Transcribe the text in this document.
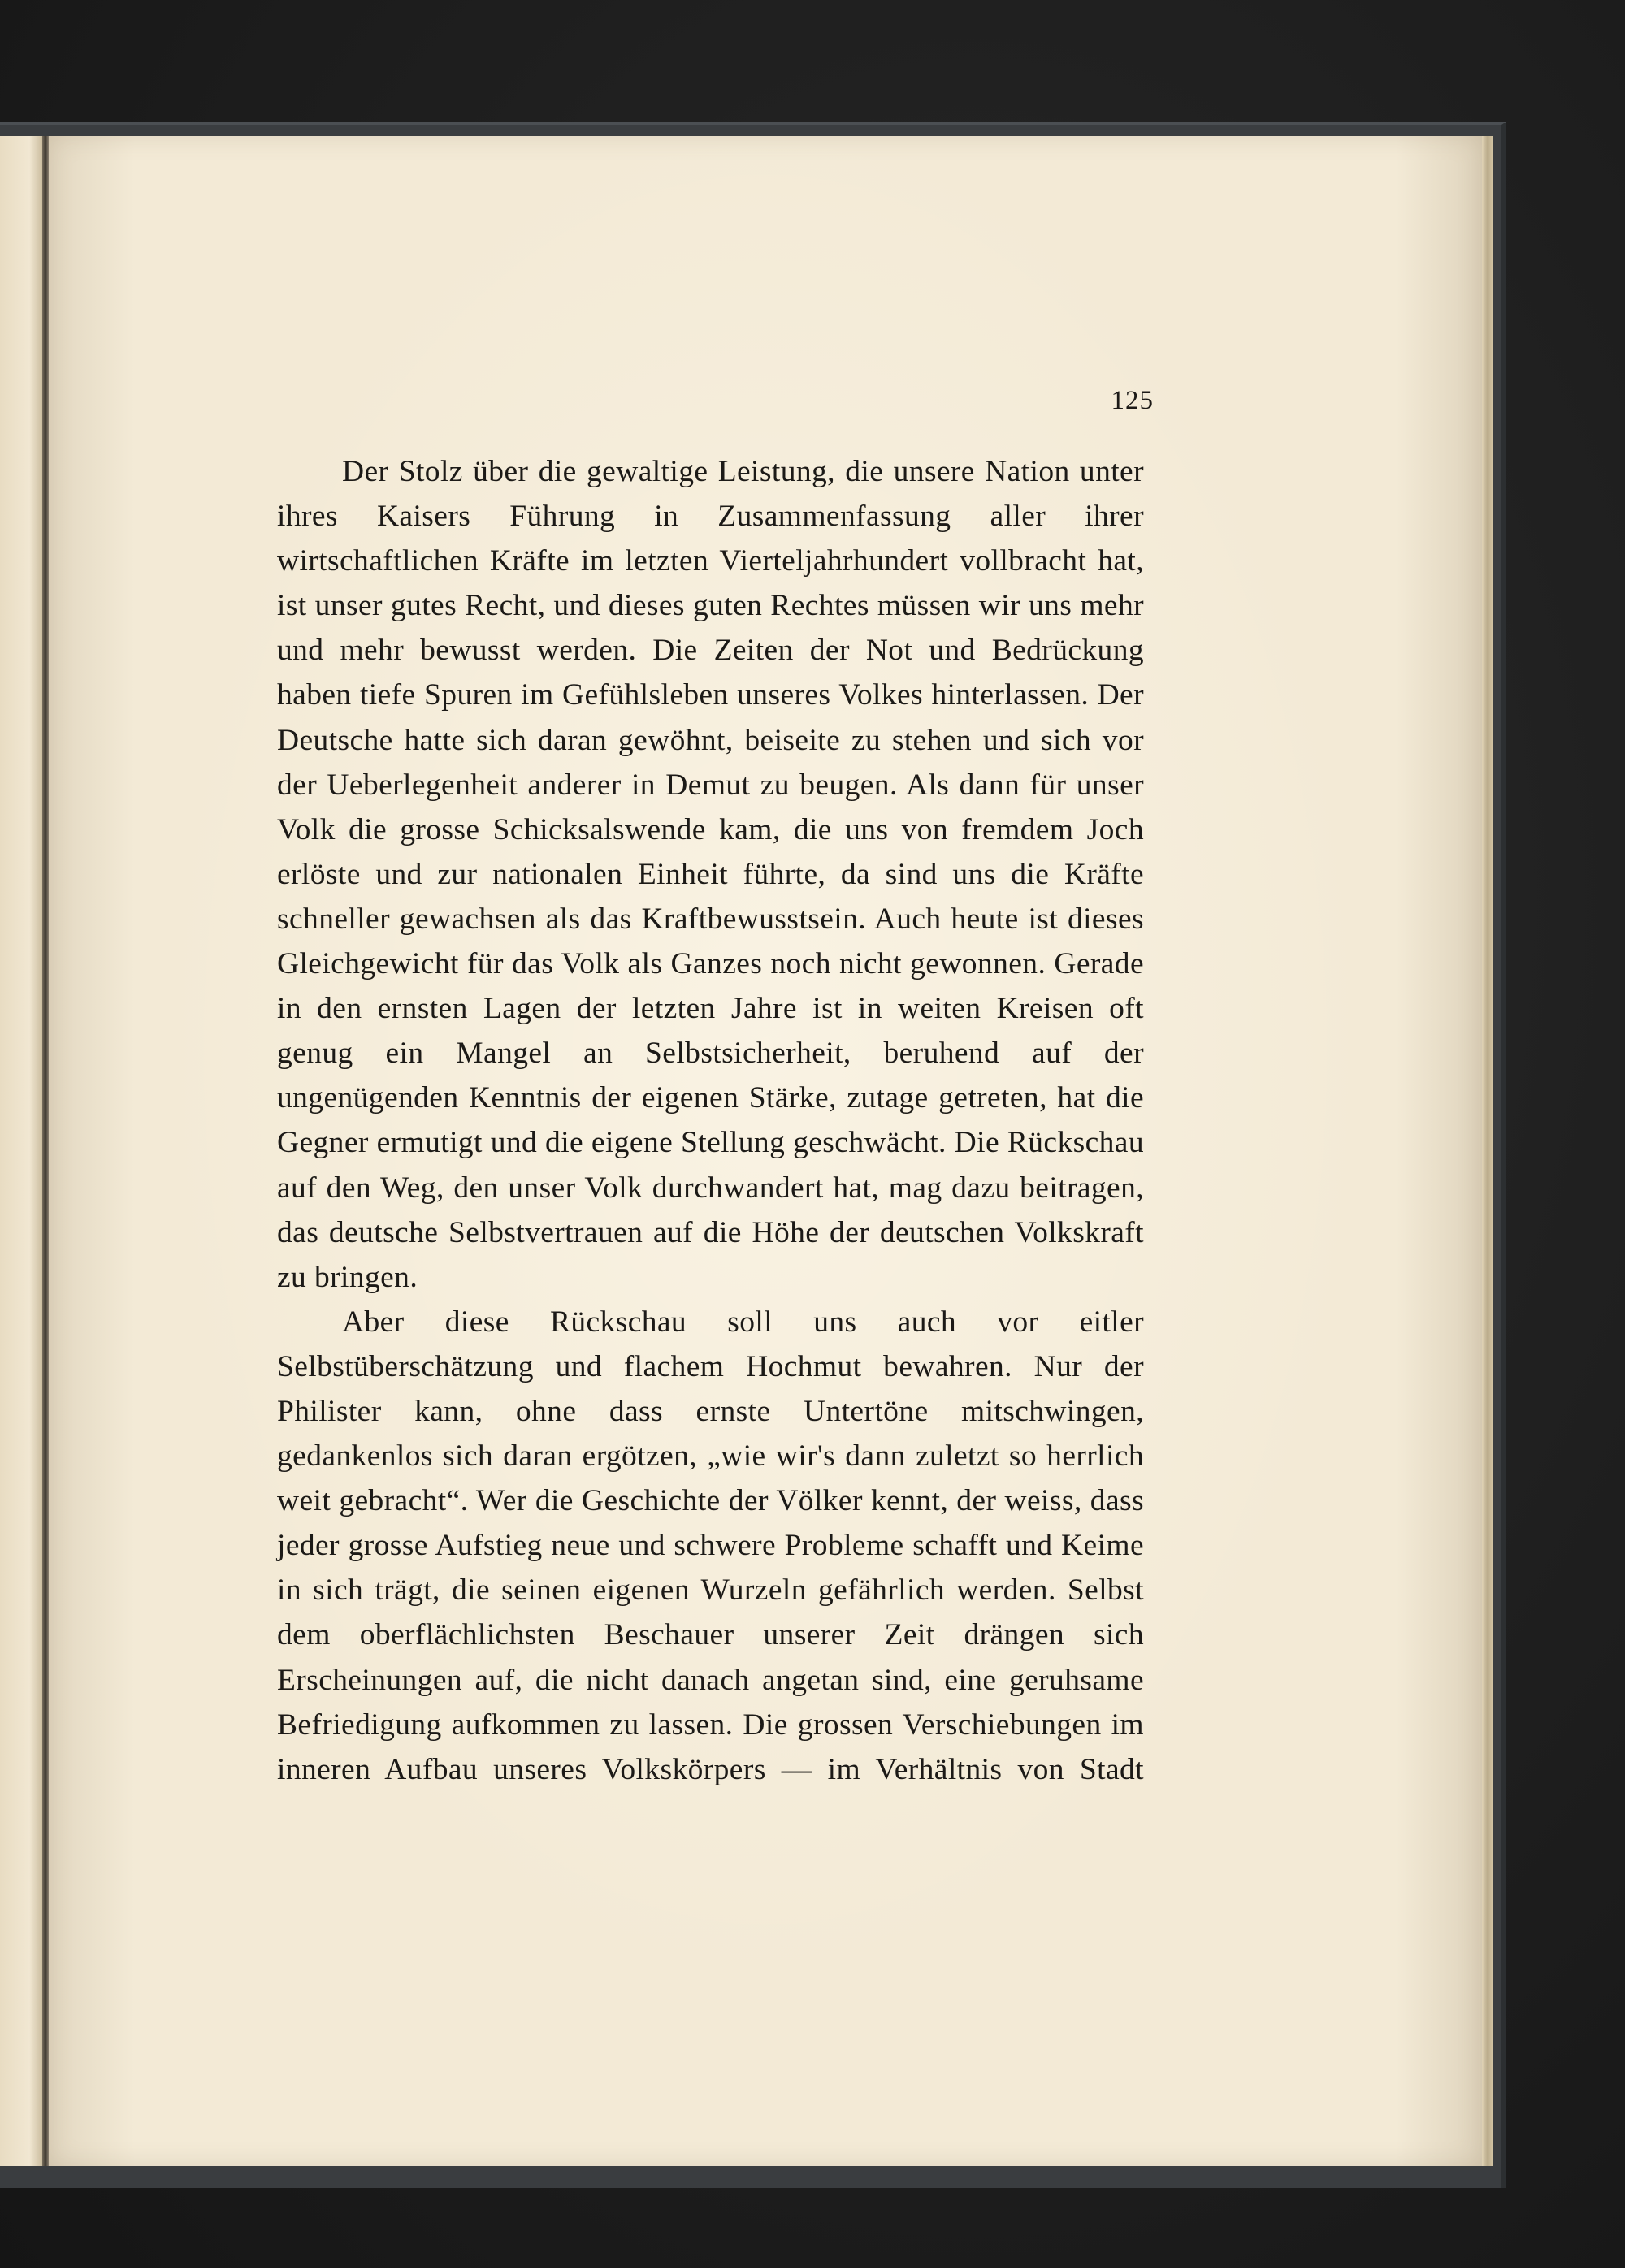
125

Der Stolz über die gewaltige Leistung, die unsere Nation unter ihres Kaisers Führung in Zusammenfassung aller ihrer wirtschaftlichen Kräfte im letzten Vierteljahrhundert vollbracht hat, ist unser gutes Recht, und dieses guten Rechtes müssen wir uns mehr und mehr bewusst werden. Die Zeiten der Not und Bedrückung haben tiefe Spuren im Gefühlsleben unseres Volkes hinterlassen. Der Deutsche hatte sich daran gewöhnt, beiseite zu stehen und sich vor der Ueberlegenheit anderer in Demut zu beugen. Als dann für unser Volk die grosse Schicksalswende kam, die uns von fremdem Joch erlöste und zur nationalen Einheit führte, da sind uns die Kräfte schneller gewachsen als das Kraftbewusstsein. Auch heute ist dieses Gleichgewicht für das Volk als Ganzes noch nicht gewonnen. Gerade in den ernsten Lagen der letzten Jahre ist in weiten Kreisen oft genug ein Mangel an Selbstsicherheit, beruhend auf der ungenügenden Kenntnis der eigenen Stärke, zutage getreten, hat die Gegner ermutigt und die eigene Stellung geschwächt. Die Rückschau auf den Weg, den unser Volk durchwandert hat, mag dazu beitragen, das deutsche Selbstvertrauen auf die Höhe der deutschen Volkskraft zu bringen.

Aber diese Rückschau soll uns auch vor eitler Selbstüberschätzung und flachem Hochmut bewahren. Nur der Philister kann, ohne dass ernste Untertöne mitschwingen, gedankenlos sich daran ergötzen, „wie wir's dann zuletzt so herrlich weit gebracht“. Wer die Geschichte der Völker kennt, der weiss, dass jeder grosse Aufstieg neue und schwere Probleme schafft und Keime in sich trägt, die seinen eigenen Wurzeln gefährlich werden. Selbst dem oberflächlichsten Beschauer unserer Zeit drängen sich Erscheinungen auf, die nicht danach angetan sind, eine geruhsame Befriedigung aufkommen zu lassen. Die grossen Verschiebungen im inneren Aufbau unseres Volkskörpers — im Verhältnis von Stadt
